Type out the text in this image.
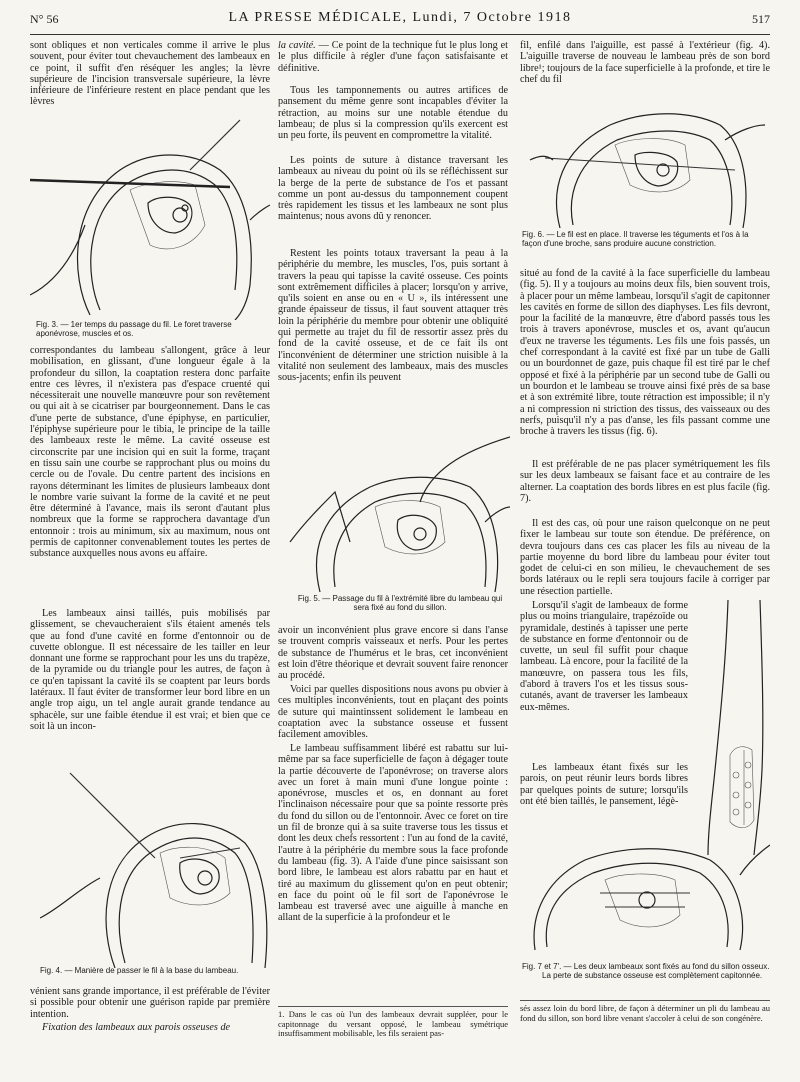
N° 56	LA PRESSE MÉDICALE, Lundi, 7 Octobre 1918	517

sont obliques et non verticales comme il arrive le plus souvent, pour éviter tout chevauchement des lambeaux en ce point, il suffit d'en réséquer les angles; la lèvre supérieure de l'incision transversale supérieure, la lèvre inférieure de l'inférieure restent en place pendant que les lèvres

Fig. 3. — 1er temps du passage du fil. Le foret traverse aponévrose, muscles et os.

correspondantes du lambeau s'allongent, grâce à leur mobilisation, en glissant, d'une longueur égale à la profondeur du sillon, la coaptation restera donc parfaite entre ces lèvres, il n'existera pas d'espace cruenté qui nécessiterait une nouvelle manœuvre pour son revêtement ou qui ait à se cicatriser par bourgeonnement. Dans le cas d'une perte de substance, d'une épiphyse, en particulier, l'épiphyse supérieure pour le tibia, le principe de la taille des lambeaux reste le même. La cavité osseuse est circonscrite par une incision qui en suit la forme, traçant en tissu sain une courbe se rapprochant plus ou moins du cercle ou de l'ovale. Du centre partent des incisions en rayons déterminant les limites de plusieurs lambeaux dont le nombre varie suivant la forme de la cavité et ne peut être déterminé à l'avance, mais ils seront d'autant plus nombreux que la forme se rapprochera davantage d'un entonnoir : trois au minimum, six au maximum, nous ont permis de capitonner convenablement toutes les pertes de substance auxquelles nous avons eu affaire.

Les lambeaux ainsi taillés, puis mobilisés par glissement, se chevaucheraient s'ils étaient amenés tels que au fond d'une cavité en forme d'entonnoir ou de cuvette oblongue. Il est nécessaire de les tailler en leur donnant une forme se rapprochant pour les uns du trapèze, de la pyramide ou du triangle pour les autres, de façon à ce qu'en tapissant la cavité ils se coaptent par leurs bords latéraux. Il faut éviter de transformer leur bord libre en un angle trop aigu, un tel angle aurait grande tendance au sphacèle, sur une faible étendue il est vrai; et bien que ce soit là un incon-

Fig. 4. — Manière de passer le fil à la base du lambeau.

vénient sans grande importance, il est préférable de l'éviter si possible pour obtenir une guérison rapide par première intention.

Fixation des lambeaux aux parois osseuses de

la cavité. — Ce point de la technique fut le plus long et le plus difficile à régler d'une façon satisfaisante et définitive.

Tous les tamponnements ou autres artifices de pansement du même genre sont incapables d'éviter la rétraction, au moins sur une notable étendue du lambeau; de plus si la compression qu'ils exercent est un peu forte, ils peuvent en compromettre la vitalité.

Les points de suture à distance traversant les lambeaux au niveau du point où ils se réfléchissent sur la berge de la perte de substance de l'os et passant comme un pont au-dessus du tamponnement coupent très rapidement les tissus et les lambeaux ne sont plus maintenus; nous avons dû y renoncer.

Restent les points totaux traversant la peau à la périphérie du membre, les muscles, l'os, puis sortant à travers la peau qui tapisse la cavité osseuse. Ces points sont extrêmement difficiles à placer; lorsqu'on y arrive, qu'ils soient en anse ou en « U », ils intéressent une grande épaisseur de tissus, il faut souvent attaquer très loin la périphérie du membre pour obtenir une obliquité qui permette au trajet du fil de ressortir assez près du fond de la cavité osseuse, et de ce fait ils ont l'inconvénient de déterminer une striction nuisible à la vitalité non seulement des lambeaux, mais des muscles sous-jacents; enfin ils peuvent

Fig. 5. — Passage du fil à l'extrémité libre du lambeau qui sera fixé au fond du sillon.

avoir un inconvénient plus grave encore si dans l'anse se trouvent compris vaisseaux et nerfs. Pour les pertes de substance de l'humérus et le bras, cet inconvénient est loin d'être théorique et devrait souvent faire renoncer au procédé.

Voici par quelles dispositions nous avons pu obvier à ces multiples inconvénients, tout en plaçant des points de suture qui maintinssent solidement le lambeau en coaptation avec la substance osseuse et fussent facilement amovibles.

Le lambeau suffisamment libéré est rabattu sur lui-même par sa face superficielle de façon à dégager toute la partie découverte de l'aponévrose; on traverse alors avec un foret à main muni d'une longue pointe : aponévrose, muscles et os, en donnant au foret l'inclinaison nécessaire pour que sa pointe ressorte près du fond du sillon ou de l'entonnoir. Avec ce foret on tire un fil de bronze qui à sa suite traverse tous les tissus et dont les deux chefs ressortent : l'un au fond de la cavité, l'autre à la périphérie du membre sous la face profonde du lambeau (fig. 3). A l'aide d'une pince saisissant son bord libre, le lambeau est alors rabattu par en haut et tiré au maximum du glissement qu'on en peut obtenir; en face du point où le fil sort de l'aponévrose le lambeau est traversé avec une aiguille à manche en allant de la superficie à la profondeur et le

1. Dans le cas où l'un des lambeaux devrait suppléer, pour le capitonnage du versant opposé, le lambeau symétrique insuffisamment mobilisable, les fils seraient pas-

fil, enfilé dans l'aiguille, est passé à l'extérieur (fig. 4). L'aiguille traverse de nouveau le lambeau près de son bord libre¹; toujours de la face superficielle à la profonde, et tire le chef du fil

Fig. 6. — Le fil est en place. Il traverse les téguments et l'os à la façon d'une broche, sans produire aucune constriction.

situé au fond de la cavité à la face superficielle du lambeau (fig. 5). Il y a toujours au moins deux fils, bien souvent trois, à placer pour un même lambeau, lorsqu'il s'agit de capitonner les cavités en forme de sillon des diaphyses. Les fils devront, pour la facilité de la manœuvre, être d'abord passés tous les trois à travers aponévrose, muscles et os, avant qu'aucun d'eux ne traverse les téguments. Les fils une fois passés, un chef correspondant à la cavité est fixé par un tube de Galli ou un bourdonnet de gaze, puis chaque fil est tiré par le chef opposé et fixé à la périphérie par un second tube de Galli ou un bourdon et le lambeau se trouve ainsi fixé près de sa base et à son extrémité libre, toute rétraction est impossible; il n'y a ni compression ni striction des tissus, des vaisseaux ou des nerfs, puisqu'il n'y a pas d'anse, les fils passant comme une broche à travers les tissus (fig. 6).

Il est préférable de ne pas placer symétriquement les fils sur les deux lambeaux se faisant face et au contraire de les alterner. La coaptation des bords libres en est plus facile (fig. 7).

Il est des cas, où pour une raison quelconque on ne peut fixer le lambeau sur toute son étendue. De préférence, on devra toujours dans ces cas placer les fils au niveau de la partie moyenne du bord libre du lambeau pour éviter tout godet de celui-ci en son milieu, le chevauchement de ses bords latéraux ou le repli sera toujours facile à corriger par une résection partielle.

Lorsqu'il s'agit de lambeaux de forme plus ou moins triangulaire, trapézoïde ou pyramidale, destinés à tapisser une perte de substance en forme d'entonnoir ou de cuvette, un seul fil suffit pour chaque lambeau. Là encore, pour la facilité de la manœuvre, on passera tous les fils, d'abord à travers l'os et les tissus sous-cutanés, avant de traverser les lambeaux eux-mêmes.

Les lambeaux étant fixés sur les parois, on peut réunir leurs bords libres par quelques points de suture; lorsqu'ils ont été bien taillés, le pansement, légè-

Fig. 7 et 7'. — Les deux lambeaux sont fixés au fond du sillon osseux.

La perte de substance osseuse est complètement capitonnée.

sés assez loin du bord libre, de façon à déterminer un pli du lambeau au fond du sillon, son bord libre venant s'accoler à celui de son congénère.
